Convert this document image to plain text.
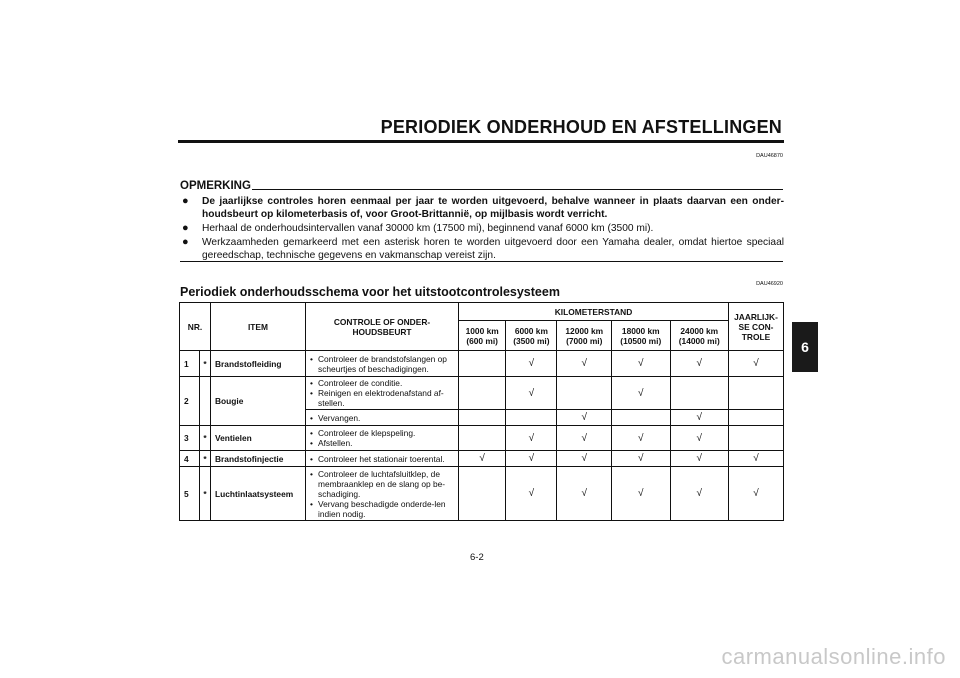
PERIODIEK ONDERHOUD EN AFSTELLINGEN
DAU46870
OPMERKING
● De jaarlijkse controles horen eenmaal per jaar te worden uitgevoerd, behalve wanneer in plaats daarvan een onderhoudsbeurt op kilometerbasis of, voor Groot-Brittannië, op mijlbasis wordt verricht.
● Herhaal de onderhoudsintervallen vanaf 30000 km (17500 mi), beginnend vanaf 6000 km (3500 mi).
● Werkzaamheden gemarkeerd met een asterisk horen te worden uitgevoerd door een Yamaha dealer, omdat hiertoe speciaal gereedschap, technische gegevens en vakmanschap vereist zijn.
DAU46920
Periodiek onderhoudsschema voor het uitstootcontrolesysteem
NR.		ITEM	CONTROLE OF ONDER-HOUDSBEURT	KILOMETERSTAND					JAARLIJK-SE CON-TROLE
				1000 km (600 mi)	6000 km (3500 mi)	12000 km (7000 mi)	18000 km (10500 mi)	24000 km (14000 mi)	
1	*	Brandstofleiding	• Controleer de brandstofslangen op scheurtjes of beschadigingen.		√	√	√	√	√
2		Bougie	• Controleer de conditie.
• Reinigen en elektrodenafstand af-stellen.		√		√		

			• Vervangen.			√		√	
3	*	Ventielen	• Controleer de klepspeling.
• Afstellen.		√	√	√	√	
4	*	Brandstofinjectie	• Controleer het stationair toerental.	√	√	√	√	√	√
5	*	Luchtinlaatsysteem	• Controleer de luchtafsluitklep, de membraanklep en de slang op be-schadiging.
• Vervang beschadigde onderde-len indien nodig.		√	√	√	√	√
6-2
6
carmanualsonline.info
